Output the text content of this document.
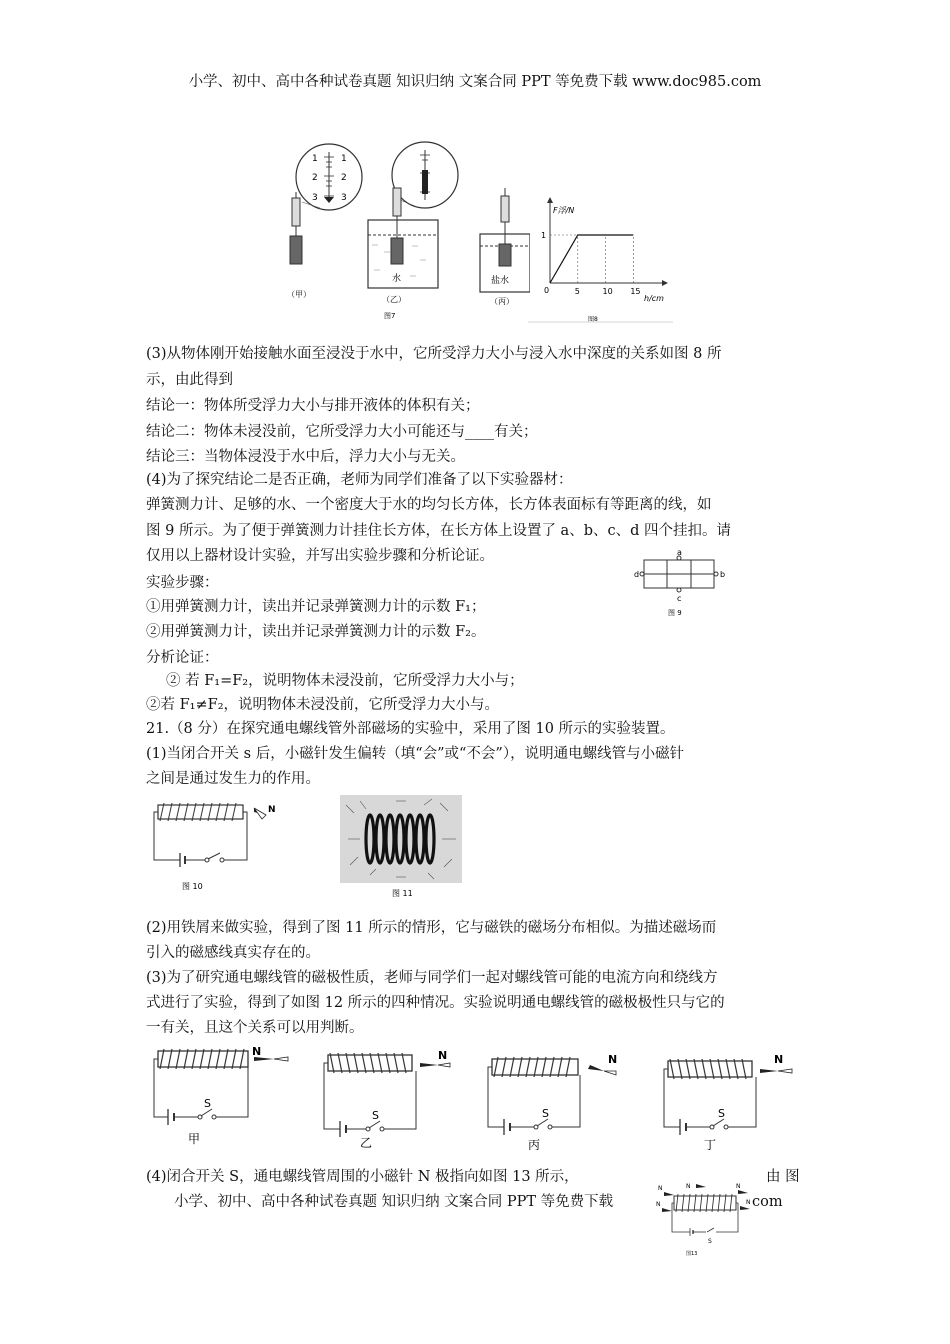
小学、初中、高中各种试卷真题 知识归纳 文案合同 PPT 等免费下载 www.doc985.com
1
2
3
1
2
3
（甲）
水
（乙）
图7
盐水
（丙）
F浮/N
h/cm
0	5	10 15
1
图8
(3)从物体刚开始接触水面至浸没于水中，它所受浮力大小与浸入水中深度的关系如图 8 所
示，由此得到
结论一：物体所受浮力大小与排开液体的体积有关；
结论二：物体未浸没前，它所受浮力大小可能还与____有关；
结论三：当物体浸没于水中后，浮力大小与无关。
(4)为了探究结论二是否正确，老师为同学们准备了以下实验器材：
弹簧测力计、足够的水、一个密度大于水的均匀长方体，长方体表面标有等距离的线，如
图 9 所示。为了便于弹簧测力计挂住长方体，在长方体上设置了 a、b、c、d 四个挂扣。请
仅用以上器材设计实验，并写出实验步骤和分析论证。
实验步骤：
①用弹簧测力计，读出并记录弹簧测力计的示数 F₁；
②用弹簧测力计，读出并记录弹簧测力计的示数 F₂。
分析论证：
② 若 F₁=F₂，说明物体未浸没前，它所受浮力大小与；
②若 F₁≠F₂，说明物体未浸没前，它所受浮力大小与。
a
d	b
c
图 9
21.（8 分）在探究通电螺线管外部磁场的实验中，采用了图 10 所示的实验装置。
(1)当闭合开关 s 后，小磁针发生偏转（填“会”或“不会”），说明通电螺线管与小磁针
之间是通过发生力的作用。
N
图 10
图 11
(2)用铁屑来做实验，得到了图 11 所示的情形，它与磁铁的磁场分布相似。为描述磁场而
引入的磁感线真实存在的。
(3)为了研究通电螺线管的磁极性质，老师与同学们一起对螺线管可能的电流方向和绕线方
式进行了实验，得到了如图 12 所示的四种情况。实验说明通电螺线管的磁极极性只与它的
一有关，且这个关系可以用判断。
N
S
甲
N
S
乙
N
S
丙
N
S
丁
(4)闭合开关 S，通电螺线管周围的小磁针 N 极指向如图 13 所示，	由 图
小学、初中、高中各种试卷真题 知识归纳 文案合同 PPT 等免费下载	com
N	N	N
N	N
S
图13
